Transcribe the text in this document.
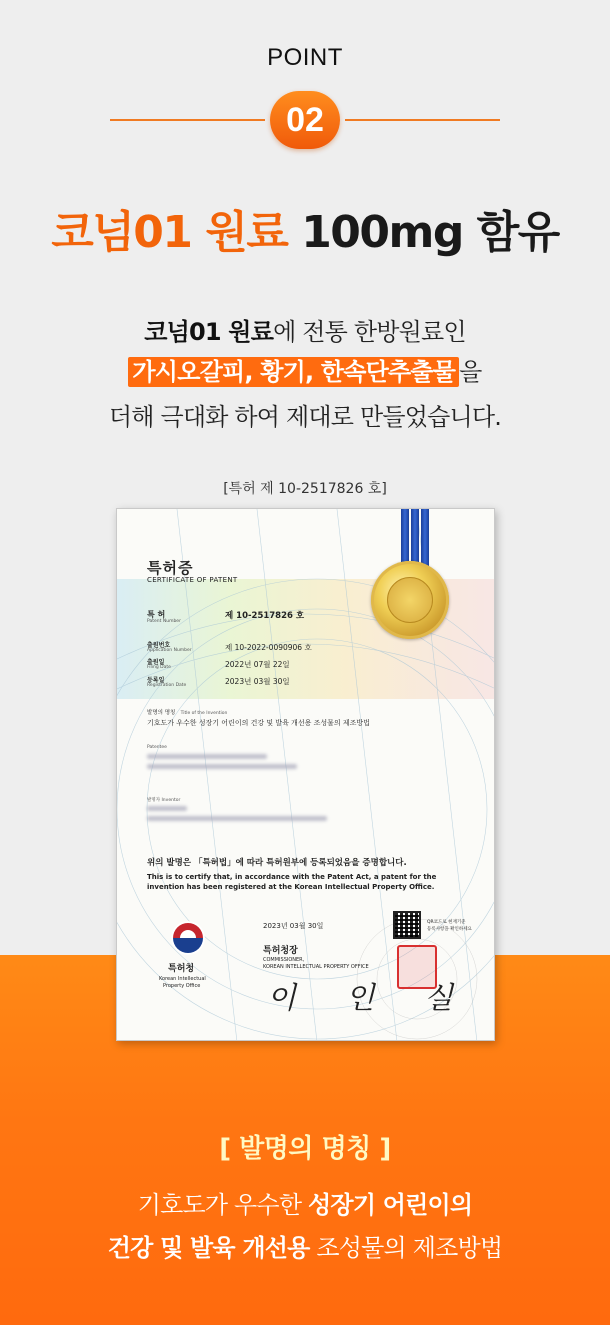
POINT
02
코넘01 원료 100mg 함유
코넘01 원료에 전통 한방원료인
가시오갈피, 황기, 한속단추출물 을
더해 극대화 하여 제대로 만들었습니다.
[특허 제 10-2517826 호]
특허증
CERTIFICATE OF PATENT
특 허
Patent Number
제 10-2517826 호
출원번호
Application Number	제 10-2022-0090906 호
출원일
Filing Date	2022년 07월 22일
등록일
Registration Date	2023년 03월 30일
발명의 명칭 Title of the Invention
기호도가 우수한 성장기 어린이의 건강 및 발육 개선용 조성물의 제조방법
Patentee
발명자 Inventor
위의 발명은 「특허법」에 따라 특허원부에 등록되었음을 증명합니다.
This is to certify that, in accordance with the Patent Act, a patent for the
invention has been registered at the Korean Intellectual Property Office.
2023년 03월 30일	QR코드로 현재기준
등록사항을 확인하세요
특허청장
COMMISSIONER,
KOREAN INTELLECTUAL PROPERTY OFFICE
이 인 실
특허청
Korean Intellectual
Property Office
[ 발명의 명칭 ]
기호도가 우수한 성장기 어린이의
건강 및 발육 개선용 조성물의 제조방법
